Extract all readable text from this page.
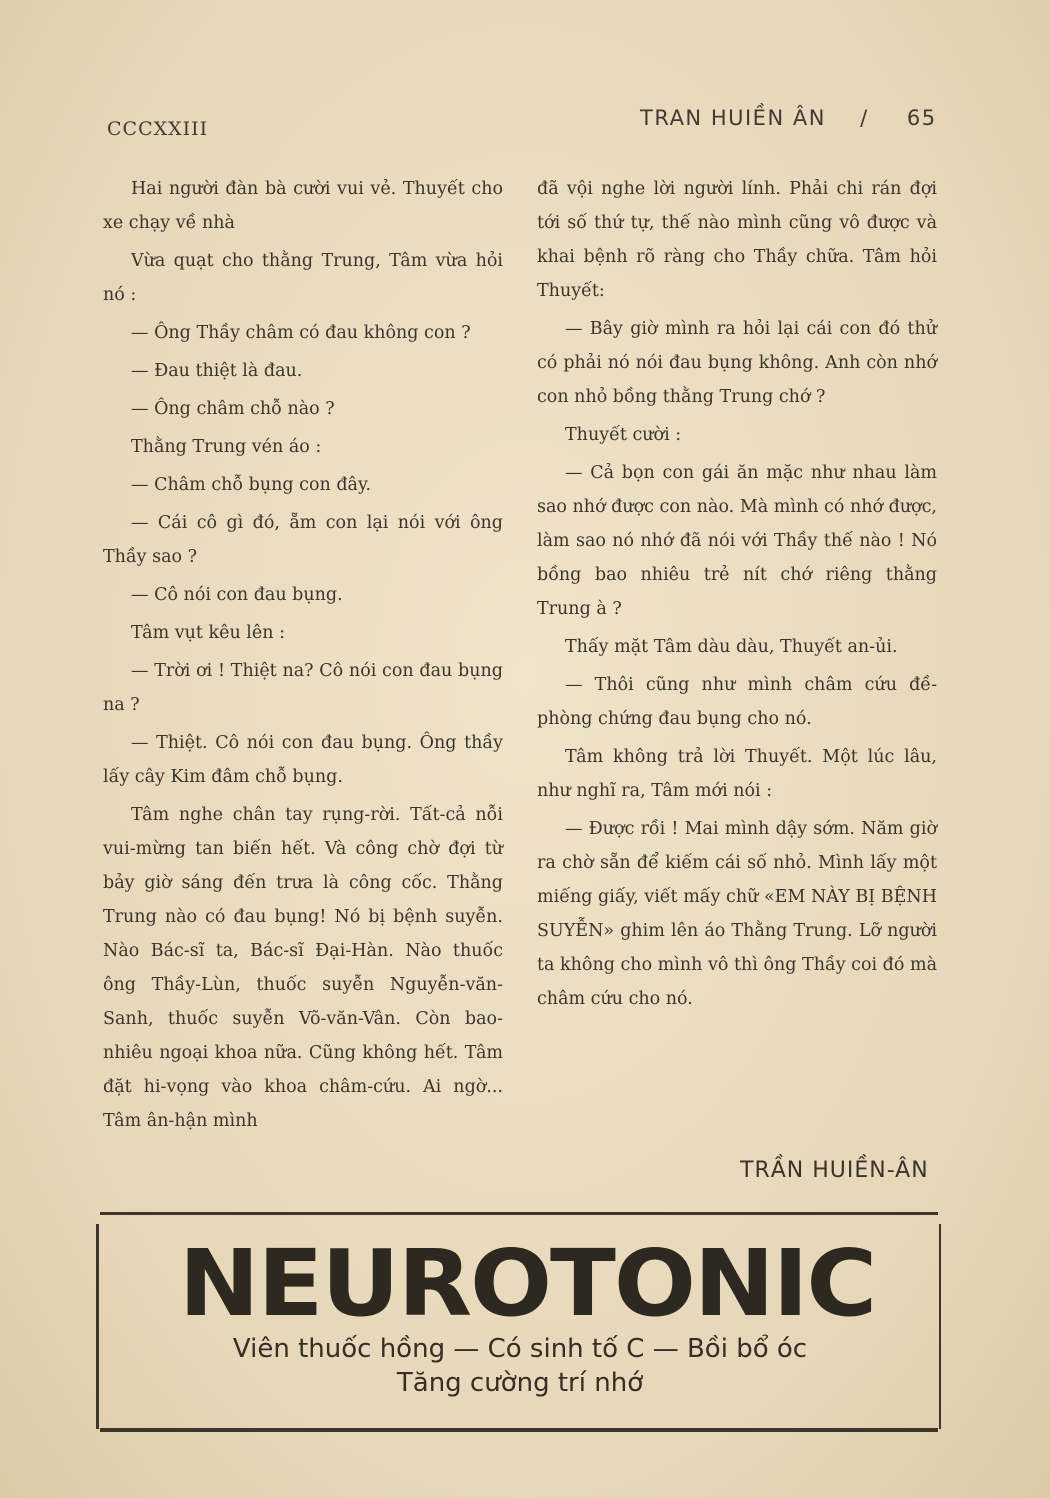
CCCXXIII	TRAN HUIỀN ÂN / 65

Hai người đàn bà cười vui vẻ. Thuyết cho xe chạy về nhà

Vừa quạt cho thằng Trung, Tâm vừa hỏi nó :

— Ông Thầy châm có đau không con ?

— Đau thiệt là đau.

— Ông châm chỗ nào ?

Thằng Trung vén áo :

— Châm chỗ bụng con đây.

— Cái cô gì đó, ẵm con lại nói với ông Thầy sao ?

— Cô nói con đau bụng.

Tâm vụt kêu lên :

— Trời ơi ! Thiệt na? Cô nói con đau bụng na ?

— Thiệt. Cô nói con đau bụng. Ông thầy lấy cây Kim đâm chỗ bụng.

Tâm nghe chân tay rụng-rời. Tất-cả nỗi vui-mừng tan biến hết. Và công chờ đợi từ bảy giờ sáng đến trưa là công cốc. Thằng Trung nào có đau bụng! Nó bị bệnh suyễn. Nào Bác-sĩ ta, Bác-sĩ Đại-Hàn. Nào thuốc ông Thầy-Lùn, thuốc suyễn Nguyễn-văn-Sanh, thuốc suyễn Võ-văn-Vân. Còn bao-nhiêu ngoại khoa nữa. Cũng không hết. Tâm đặt hi-vọng vào khoa châm-cứu. Ai ngờ... Tâm ân-hận mình

đã vội nghe lời người lính. Phải chi rán đợi tới số thứ tự, thế nào mình cũng vô được và khai bệnh rõ ràng cho Thầy chữa. Tâm hỏi Thuyết:

— Bây giờ mình ra hỏi lại cái con đó thử có phải nó nói đau bụng không. Anh còn nhớ con nhỏ bồng thằng Trung chớ ?

Thuyết cười :

— Cả bọn con gái ăn mặc như nhau làm sao nhớ được con nào. Mà mình có nhớ được, làm sao nó nhớ đã nói với Thầy thế nào ! Nó bồng bao nhiêu trẻ nít chớ riêng thằng Trung à ?

Thấy mặt Tâm dàu dàu, Thuyết an-ủi.

— Thôi cũng như mình châm cứu đề-phòng chứng đau bụng cho nó.

Tâm không trả lời Thuyết. Một lúc lâu, như nghĩ ra, Tâm mới nói :

— Được rồi ! Mai mình dậy sớm. Năm giờ ra chờ sẵn để kiếm cái số nhỏ. Mình lấy một miếng giấy, viết mấy chữ «EM NÀY BỊ BỆNH SUYỄN» ghim lên áo Thằng Trung. Lỡ người ta không cho mình vô thì ông Thầy coi đó mà châm cứu cho nó.

TRẦN HUIỀN-ÂN
NEUROTONIC
Viên thuốc hồng — Có sinh tố C — Bồi bổ óc
Tăng cường trí nhớ
